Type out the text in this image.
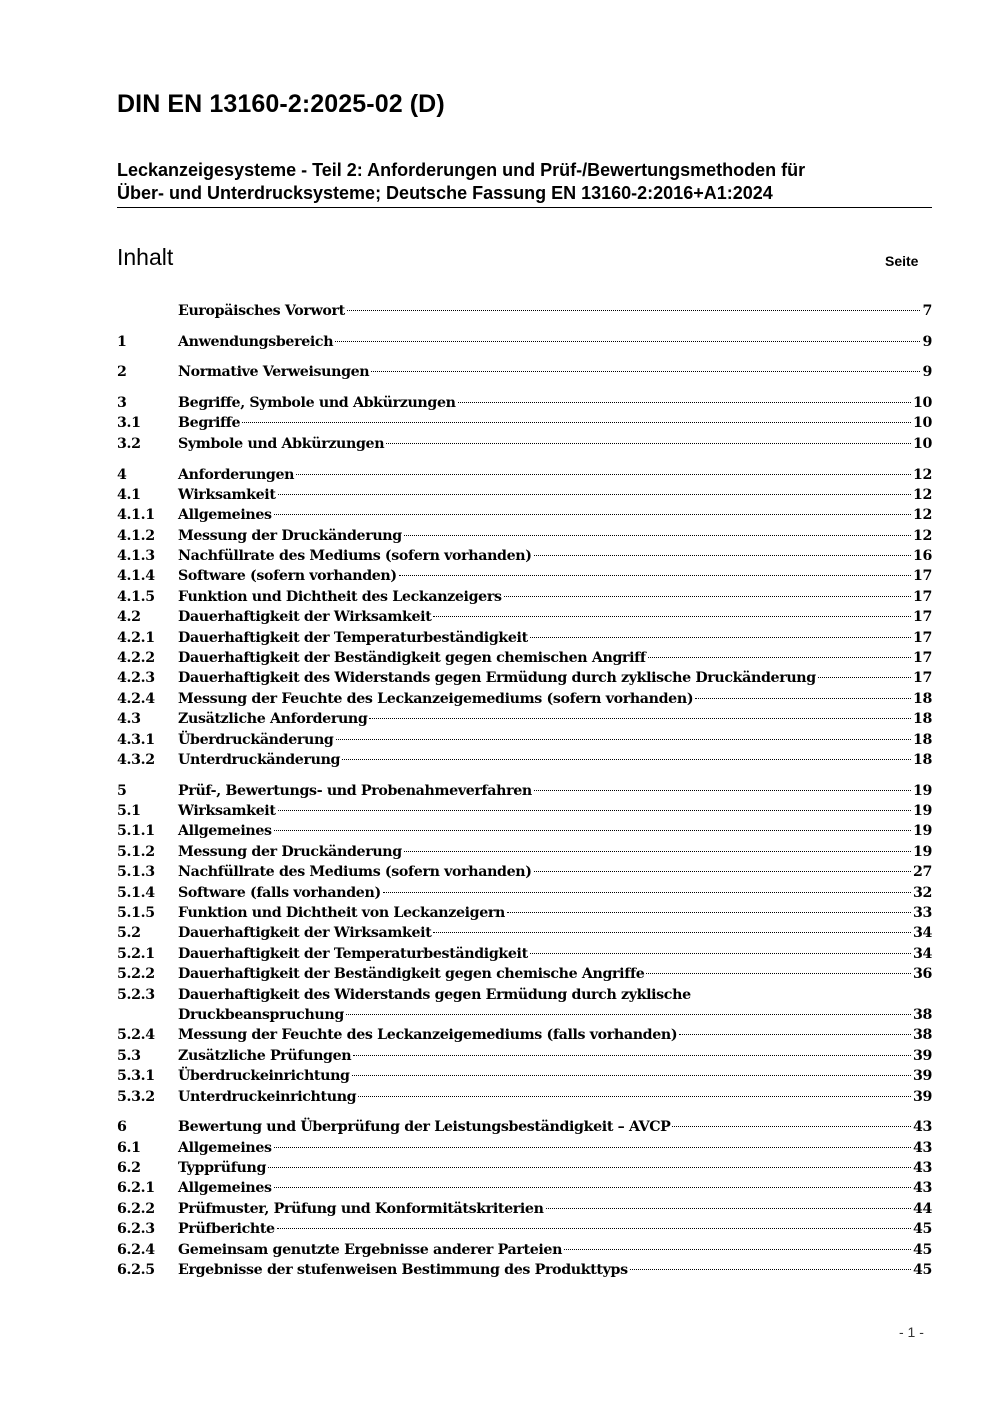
DIN EN 13160-2:2025-02 (D)
Leckanzeigesysteme - Teil 2: Anforderungen und Prüf-/Bewertungsmethoden für
Über- und Unterdrucksysteme; Deutsche Fassung EN 13160-2:2016+A1:2024
Inhalt	Seite
Europäisches Vorwort	7
1	Anwendungsbereich	9
2	Normative Verweisungen	9
3	Begriffe, Symbole und Abkürzungen	10
3.1	Begriffe	10
3.2	Symbole und Abkürzungen	10
4	Anforderungen	12
4.1	Wirksamkeit	12
4.1.1 Allgemeines	12
4.1.2 Messung der Druckänderung	12
4.1.3 Nachfüllrate des Mediums (sofern vorhanden)	16
4.1.4 Software (sofern vorhanden)	17
4.1.5 Funktion und Dichtheit des Leckanzeigers	17
4.2	Dauerhaftigkeit der Wirksamkeit	17
4.2.1 Dauerhaftigkeit der Temperaturbeständigkeit	17
4.2.2 Dauerhaftigkeit der Beständigkeit gegen chemischen Angriff	17
4.2.3 Dauerhaftigkeit des Widerstands gegen Ermüdung durch zyklische Druckänderung	17
4.2.4 Messung der Feuchte des Leckanzeigemediums (sofern vorhanden)	18
4.3	Zusätzliche Anforderung	18
4.3.1 Überdruckänderung	18
4.3.2 Unterdruckänderung	18
5	Prüf-, Bewertungs- und Probenahmeverfahren	19
5.1	Wirksamkeit	19
5.1.1 Allgemeines	19
5.1.2 Messung der Druckänderung	19
5.1.3 Nachfüllrate des Mediums (sofern vorhanden)	27
5.1.4 Software (falls vorhanden)	32
5.1.5 Funktion und Dichtheit von Leckanzeigern	33
5.2	Dauerhaftigkeit der Wirksamkeit	34
5.2.1 Dauerhaftigkeit der Temperaturbeständigkeit	34
5.2.2 Dauerhaftigkeit der Beständigkeit gegen chemische Angriffe	36
5.2.3 Dauerhaftigkeit des Widerstands gegen Ermüdung durch zyklische
Druckbeanspruchung	38
5.2.4 Messung der Feuchte des Leckanzeigemediums (falls vorhanden)	38
5.3	Zusätzliche Prüfungen	39
5.3.1 Überdruckeinrichtung	39
5.3.2 Unterdruckeinrichtung	39
6	Bewertung und Überprüfung der Leistungsbeständigkeit – AVCP	43
6.1	Allgemeines	43
6.2	Typprüfung	43
6.2.1 Allgemeines	43
6.2.2 Prüfmuster, Prüfung und Konformitätskriterien	44
6.2.3 Prüfberichte	45
6.2.4 Gemeinsam genutzte Ergebnisse anderer Parteien	45
6.2.5 Ergebnisse der stufenweisen Bestimmung des Produkttyps	45
- 1 -
